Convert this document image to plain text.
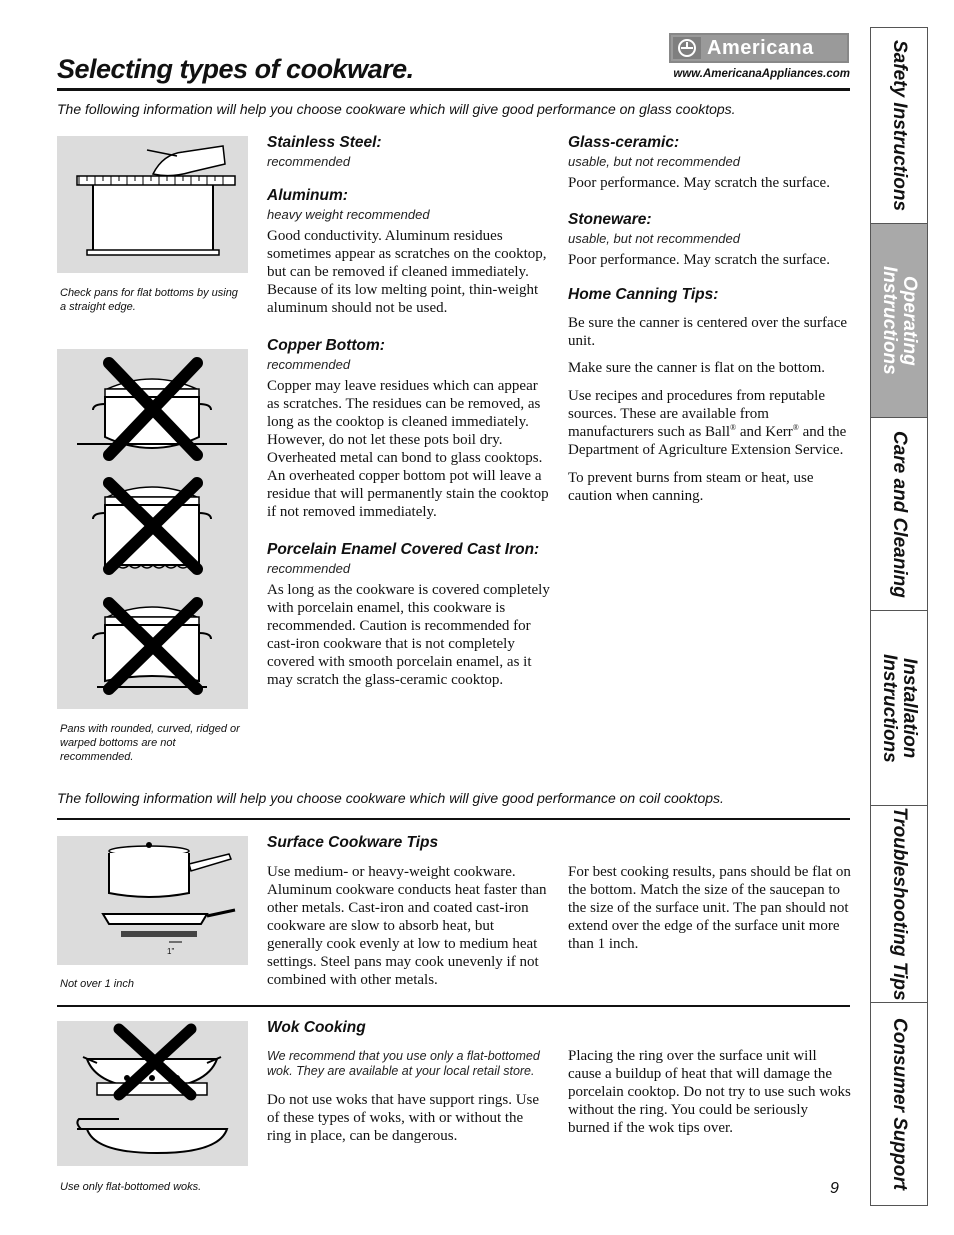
Selecting types of cookware.
Americana
www.AmericanaAppliances.com
The following information will help you choose cookware which will give good performance on glass cooktops.
Check pans for flat bottoms by using a straight edge.
Pans with rounded, curved, ridged or warped bottoms are not recommended.
Stainless Steel:
recommended
Aluminum:
heavy weight recommended

Good conductivity. Aluminum residues sometimes appear as scratches on the cooktop, but can be removed if cleaned immediately. Because of its low melting point, thin-weight aluminum should not be used.

Copper Bottom:
recommended

Copper may leave residues which can appear as scratches. The residues can be removed, as long as the cooktop is cleaned immediately. However, do not let these pots boil dry. Overheated metal can bond to glass cooktops. An overheated copper bottom pot will leave a residue that will permanently stain the cooktop if not removed immediately.

Porcelain Enamel Covered Cast Iron:
recommended

As long as the cookware is covered completely with porcelain enamel, this cookware is recommended. Caution is recommended for cast-iron cookware that is not completely covered with smooth porcelain enamel, as it may scratch the glass-ceramic cooktop.

Glass-ceramic:
usable, but not recommended

Poor performance. May scratch the surface.

Stoneware:
usable, but not recommended

Poor performance. May scratch the surface.

Home Canning Tips:

Be sure the canner is centered over the surface unit.

Make sure the canner is flat on the bottom.

Use recipes and procedures from reputable sources. These are available from manufacturers such as Ball® and Kerr® and the Department of Agriculture Extension Service.

To prevent burns from steam or heat, use caution when canning.

The following information will help you choose cookware which will give good performance on coil cooktops.
1"
Not over 1 inch
Surface Cookware Tips

Use medium- or heavy-weight cookware. Aluminum cookware conducts heat faster than other metals. Cast-iron and coated cast-iron cookware are slow to absorb heat, but generally cook evenly at low to medium heat settings. Steel pans may cook unevenly if not combined with other metals.

For best cooking results, pans should be flat on the bottom. Match the size of the saucepan to the size of the surface unit. The pan should not extend over the edge of the surface unit more than 1 inch.

Use only flat-bottomed woks.
Wok Cooking

We recommend that you use only a flat-bottomed wok. They are available at your local retail store.

Do not use woks that have support rings. Use of these types of woks, with or without the ring in place, can be dangerous.

Placing the ring over the surface unit will cause a buildup of heat that will damage the porcelain cooktop. Do not try to use such woks without the ring. You could be seriously burned if the wok tips over.

9
Safety Instructions
Operating
Instructions
Care and Cleaning
Installation
Instructions
Troubleshooting Tips
Consumer Support
